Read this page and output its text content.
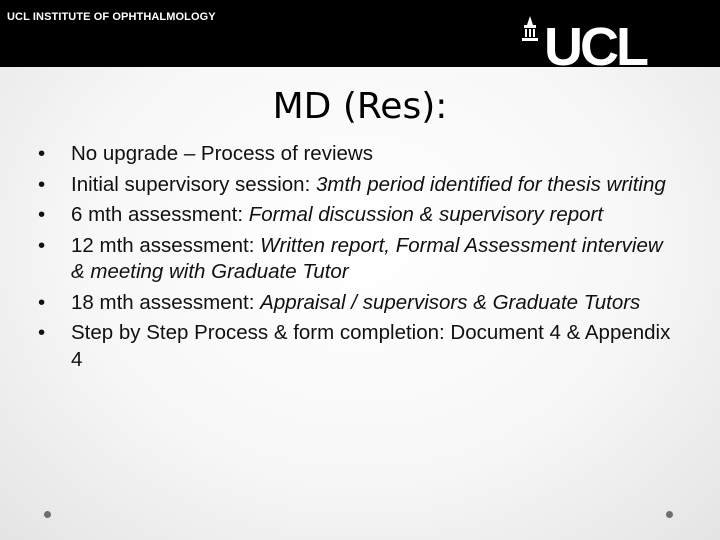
UCL INSTITUTE OF OPHTHALMOLOGY	UCL
MD (Res):
• No upgrade – Process of reviews
• Initial supervisory session: 3mth period identified for thesis writing
• 6 mth assessment: Formal discussion & supervisory report
• 12 mth assessment: Written report, Formal Assessment interview & meeting with Graduate Tutor
• 18 mth assessment: Appraisal / supervisors & Graduate Tutors
• Step by Step Process & form completion: Document 4 & Appendix 4
